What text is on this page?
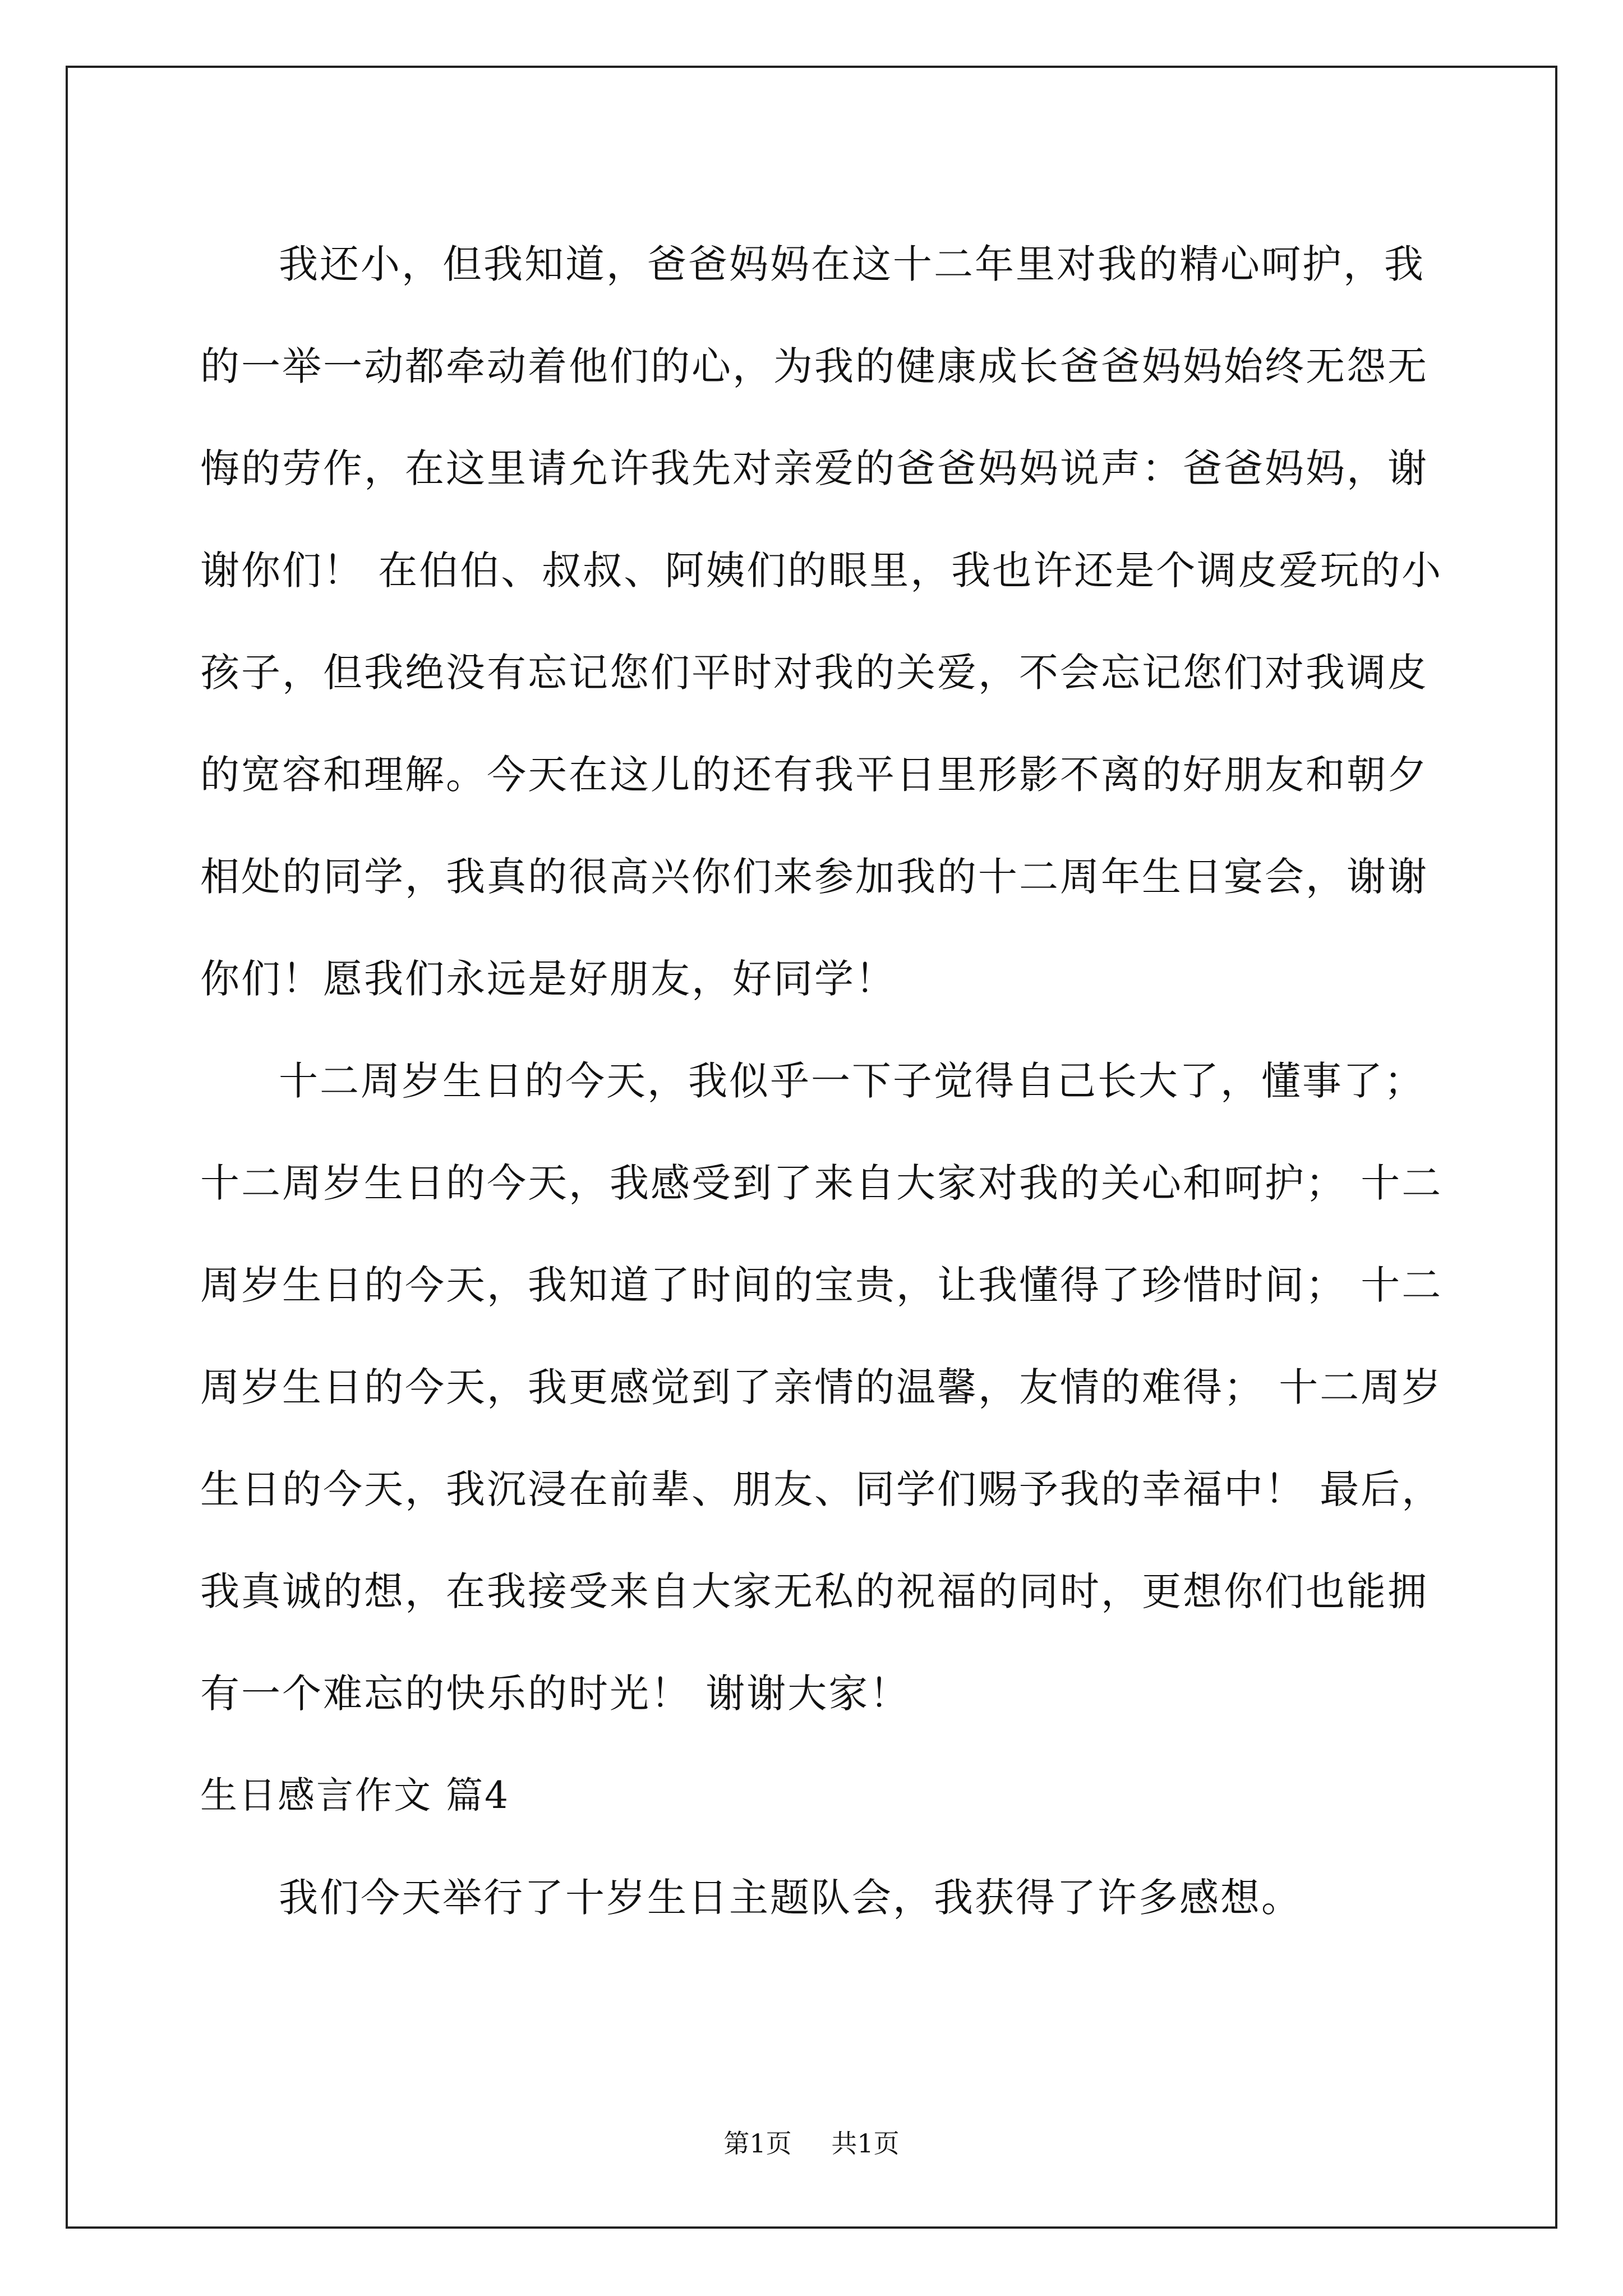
我还小，但我知道，爸爸妈妈在这十二年里对我的精心呵护，我的一举一动都牵动着他们的心，为我的健康成长爸爸妈妈始终无怨无悔的劳作，在这里请允许我先对亲爱的爸爸妈妈说声：爸爸妈妈，谢谢你们！ 在伯伯、叔叔、阿姨们的眼里，我也许还是个调皮爱玩的小孩子，但我绝没有忘记您们平时对我的关爱，不会忘记您们对我调皮的宽容和理解。今天在这儿的还有我平日里形影不离的好朋友和朝夕相处的同学，我真的很高兴你们来参加我的十二周年生日宴会，谢谢你们！愿我们永远是好朋友，好同学！

十二周岁生日的今天，我似乎一下子觉得自己长大了，懂事了；十二周岁生日的今天，我感受到了来自大家对我的关心和呵护； 十二周岁生日的今天，我知道了时间的宝贵，让我懂得了珍惜时间； 十二周岁生日的今天，我更感觉到了亲情的温馨，友情的难得； 十二周岁生日的今天，我沉浸在前辈、朋友、同学们赐予我的幸福中！ 最后，我真诚的想，在我接受来自大家无私的祝福的同时，更想你们也能拥有一个难忘的快乐的时光！ 谢谢大家！

生日感言作文 篇4

我们今天举行了十岁生日主题队会，我获得了许多感想。

第1页 共1页
